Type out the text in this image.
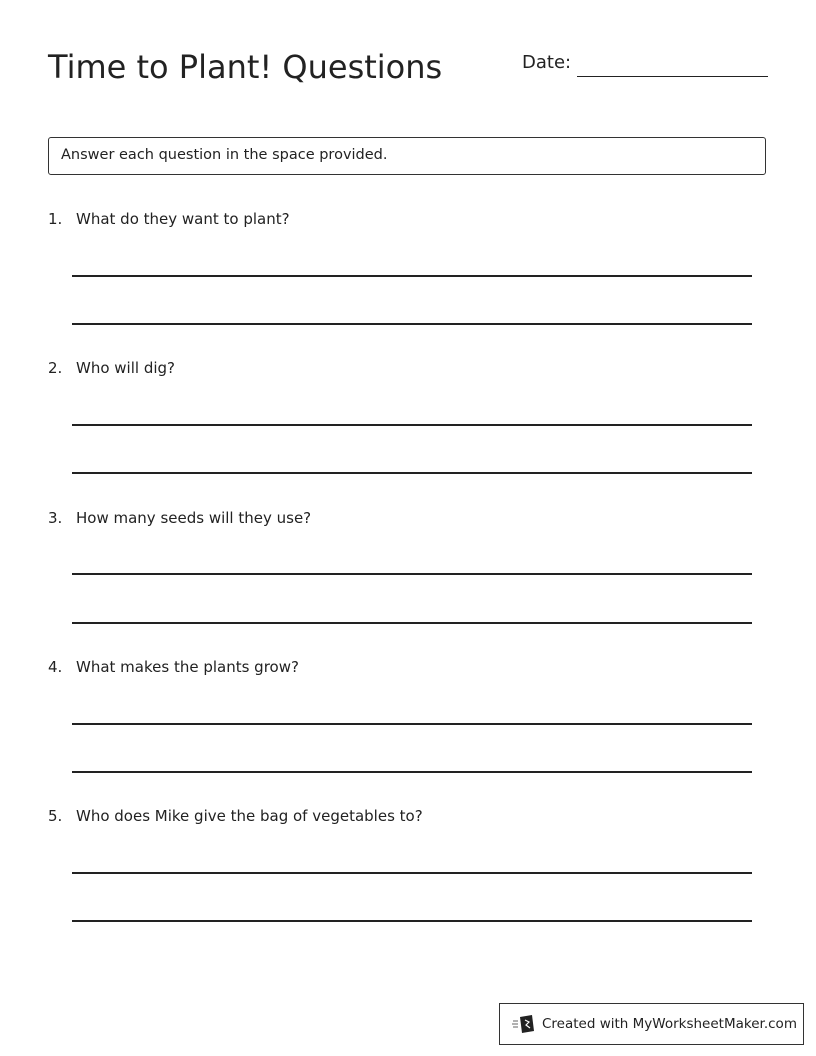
Time to Plant! Questions	Date:
Answer each question in the space provided.
1. What do they want to plant?
2. Who will dig?
3. How many seeds will they use?
4. What makes the plants grow?
5. Who does Mike give the bag of vegetables to?
Created with MyWorksheetMaker.com
